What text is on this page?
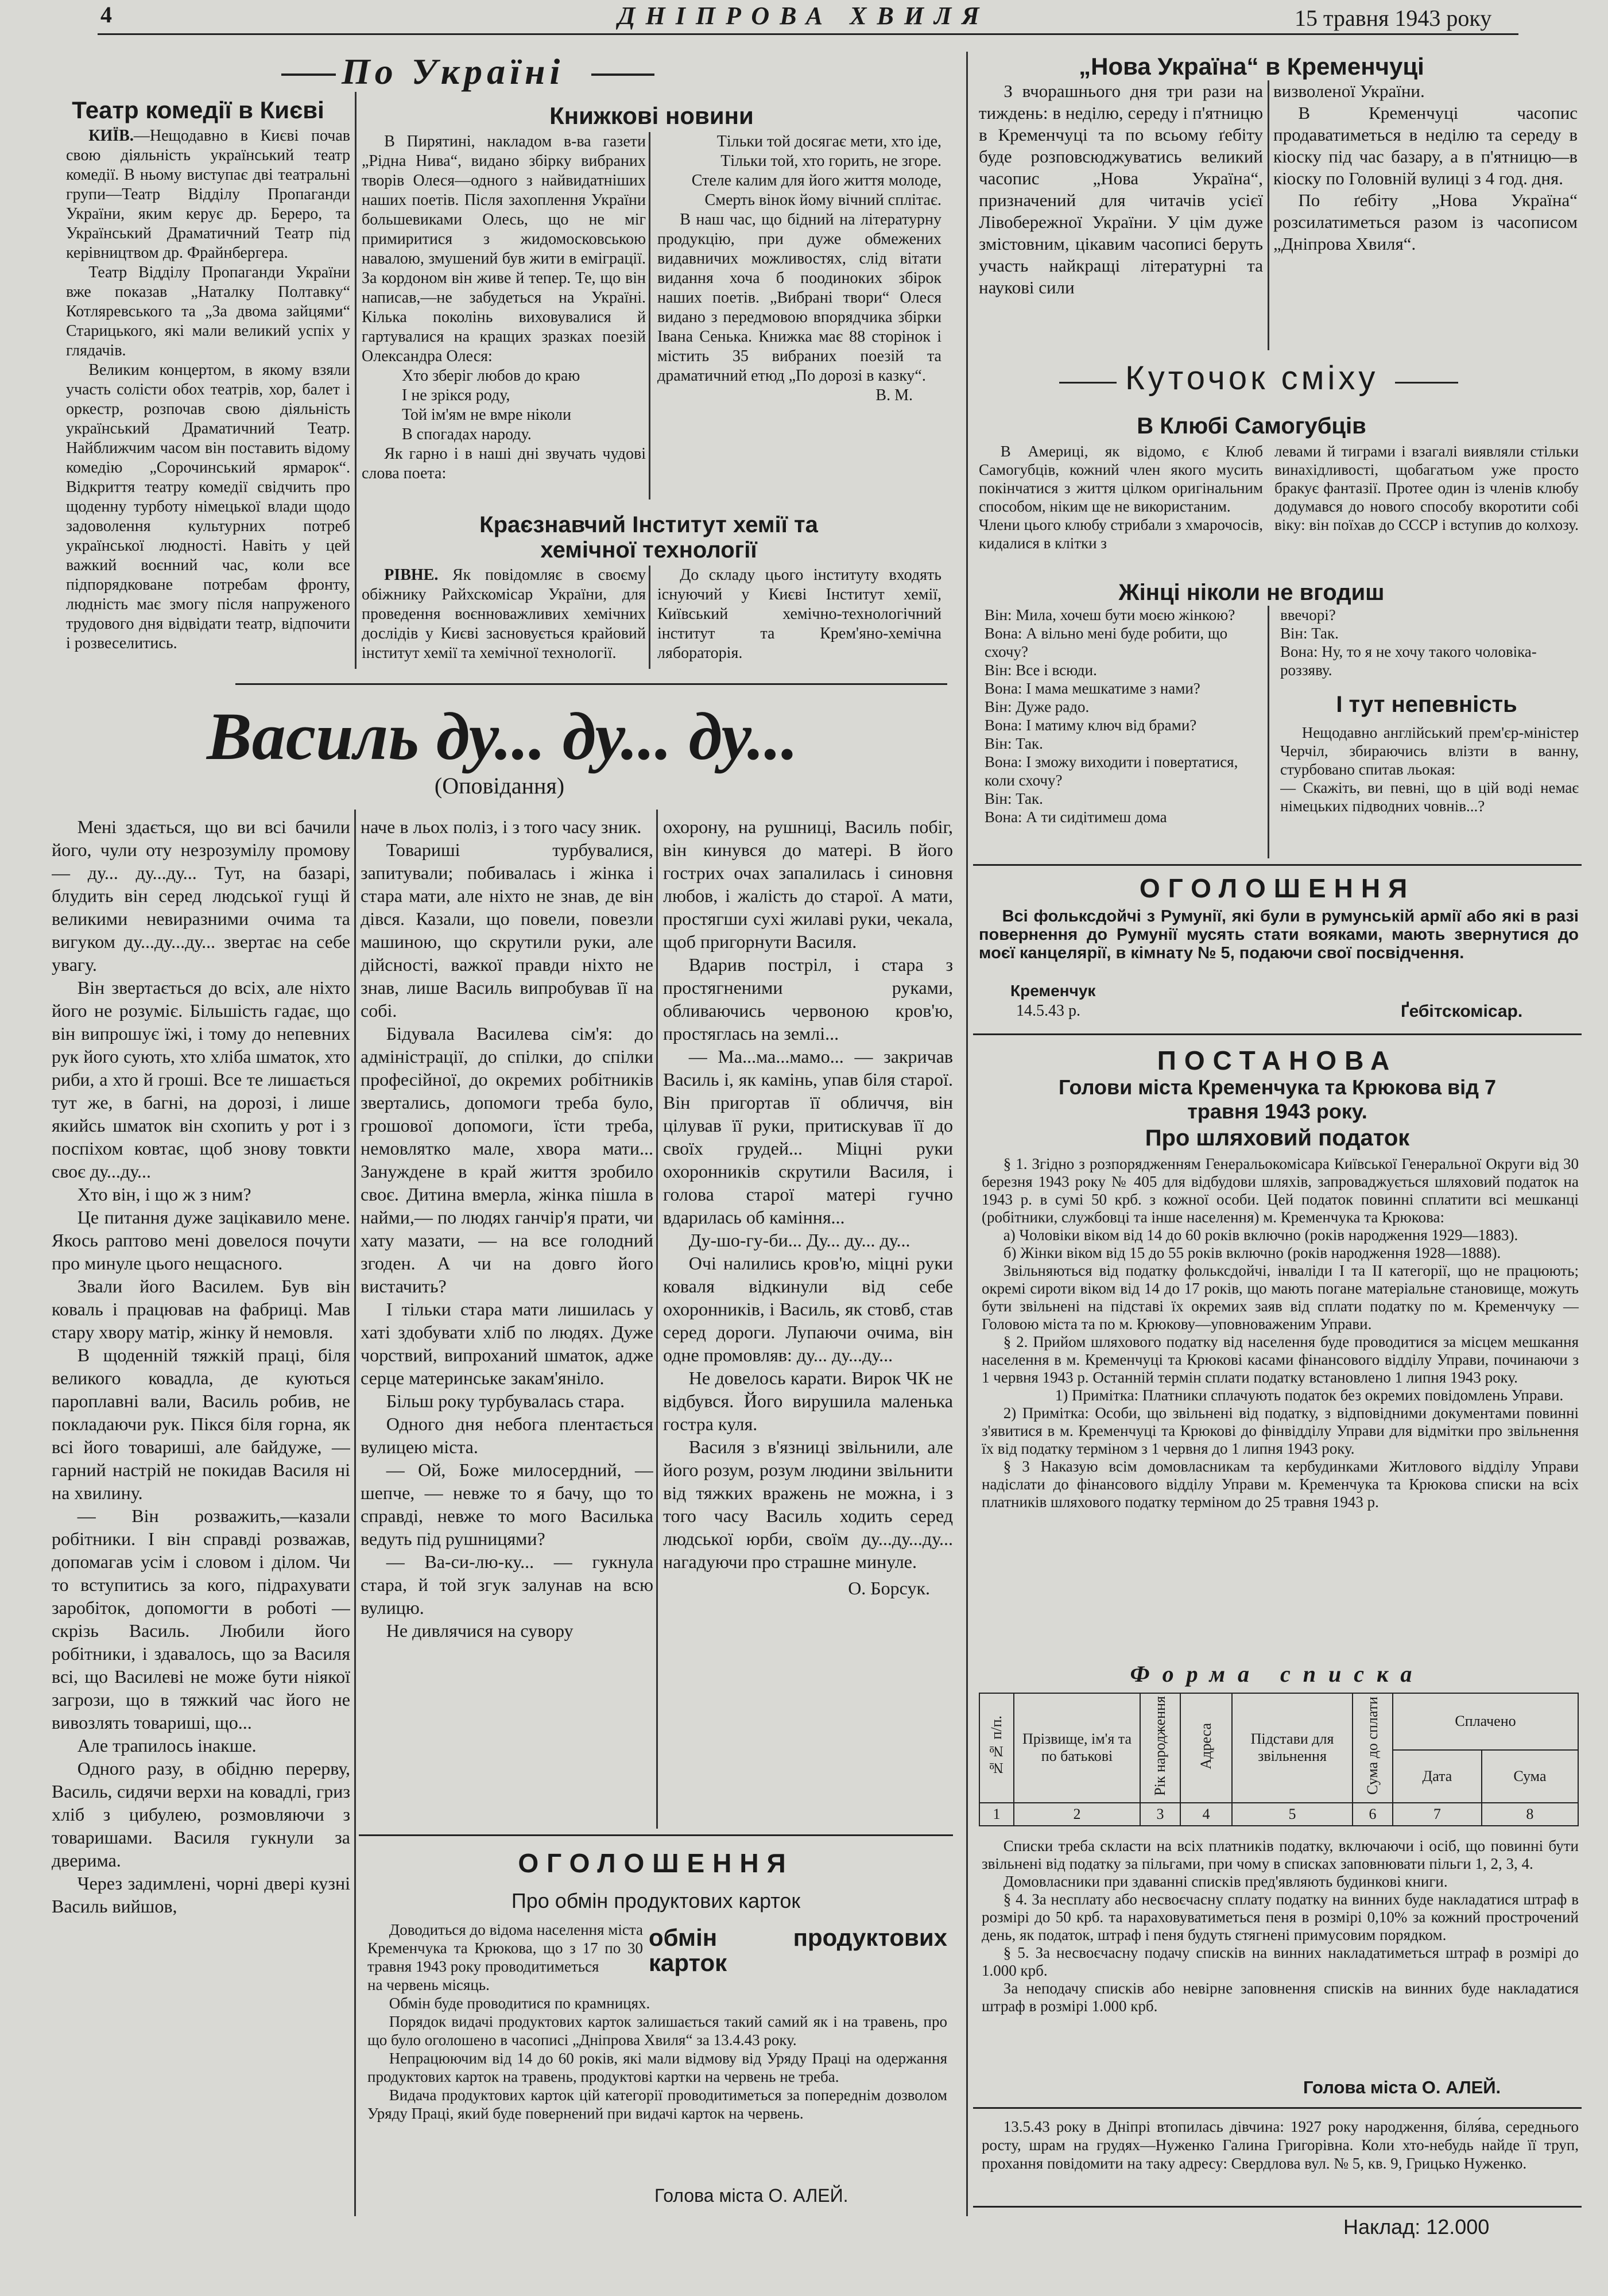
4	ДНІПРОВА ХВИЛЯ	15 травня 1943 року
По Україні
Театр комедії в Києві

КИЇВ.—Нещодавно в Києві почав свою діяльність український театр комедії. В ньому виступає дві театральні групи—Театр Відділу Пропаганди України, яким керує др. Береро, та Український Драматичний Театр під керівництвом др. Фрайнбергера.

Театр Відділу Пропаганди України вже показав „Наталку Полтавку“ Котляревського та „За двома зайцями“ Старицького, які мали великий успіх у глядачів.

Великим концертом, в якому взяли участь солісти обох театрів, хор, балет і оркестр, розпочав свою діяльність український Драматичний Театр. Найближчим часом він поставить відому комедію „Сорочинський ярмарок“. Відкриття театру комедії свідчить про щоденну турботу німецької влади щодо задоволення культурних потреб української людності. Навіть у цей важкий воєнний час, коли все підпорядковане потребам фронту, людність має змогу після напруженого трудового дня відвідати театр, відпочити і розвеселитись.

Книжкові новини

В Пирятині, накладом в-ва газети „Рідна Нива“, видано збірку вибраних творів Олеся—одного з найвидатніших наших поетів. Після захоплення України большевиками Олесь, що не міг примиритися з жидомосковською навалою, змушений був жити в еміграції. За кордоном він живе й тепер. Те, що він написав,—не забудеться на Україні. Кілька поколінь виховувалися й гартувалися на кращих зразках поезій Олександра Олеся:

Хто зберіг любов до краю
І не зрікся роду,
Той ім'ям не вмре ніколи
В спогадах народу.

Як гарно і в наші дні звучать чудові слова поета:

Тільки той досягає мети, хто іде,
Тільки той, хто горить, не згоре.
Стеле калим для його життя молоде,
Смерть вінок йому вічний сплітає.

В наш час, що бідний на літературну продукцію, при дуже обмежених видавничих можливостях, слід вітати видання хоча б поодиноких збірок наших поетів. „Вибрані твори“ Олеся видано з передмовою впорядчика збірки Івана Сенька. Книжка має 88 сторінок і містить 35 вибраних поезій та драматичний етюд „По дорозі в казку“.

В. М.
Краєзнавчий Інститут хемії та хемічної технології

РІВНЕ. Як повідомляє в своєму обіжнику Райхскомісар України, для проведення воєнноважливих хемічних дослідів у Києві засновується крайовий інститут хемії та хемічної технології.

До складу цього інституту входять існуючий у Києві Інститут хемії, Київський хемічно-технологічний інститут та Крем'яно-хемічна лябораторія.

Василь ду... ду... ду...
(Оповідання)

Мені здається, що ви всі бачили його, чули оту незрозумілу промову — ду... ду...ду... Тут, на базарі, блудить він серед людської гущі й великими невиразними очима та вигуком ду...ду...ду... звертає на себе увагу.

Він звертається до всіх, але ніхто його не розуміє. Більшість гадає, що він випрошує їжі, і тому до непевних рук його сують, хто хліба шматок, хто риби, а хто й гроші. Все те лишається тут же, в багні, на дорозі, і лише якийсь шматок він схопить у рот і з поспіхом ковтає, щоб знову товкти своє ду...ду...

Хто він, і що ж з ним?

Це питання дуже зацікавило мене. Якось раптово мені довелося почути про минуле цього нещасного.

Звали його Василем. Був він коваль і працював на фабриці. Мав стару хвору матір, жінку й немовля.

В щоденній тяжкій праці, біля великого ковадла, де куються пароплавні вали, Василь робив, не покладаючи рук. Пікся біля горна, як всі його товариші, але байдуже, — гарний настрій не покидав Василя ні на хвилину.

— Він розважить,—казали робітники. І він справді розважав, допомагав усім і словом і ділом. Чи то вступитись за кого, підрахувати заробіток, допомогти в роботі — скрізь Василь. Любили його робітники, і здавалось, що за Василя всі, що Василеві не може бути ніякої загрози, що в тяжкий час його не вивозлять товариші, що...

Але трапилось інакше.

Одного разу, в обідню перерву, Василь, сидячи верхи на ковадлі, гриз хліб з цибулею, розмовляючи з товаришами. Василя гукнули за дверима.

Через задимлені, чорні двері кузні Василь вийшов,

наче в льох поліз, і з того часу зник.

Товариші турбувалися, запитували; побивалась і жінка і стара мати, але ніхто не знав, де він дівся. Казали, що повели, повезли машиною, що скрутили руки, але дійсності, важкої правди ніхто не знав, лише Василь випробував її на собі.

Бідувала Василева сім'я: до адміністрації, до спілки, до спілки професійної, до окремих робітників звертались, допомоги треба було, грошової допомоги, їсти треба, немовлятко мале, хвора мати... Занужденe в край життя зробило своє. Дитина вмерла, жінка пішла в найми,— по людях ганчір'я прати, чи хату мазати, — на все голодний згоден. А чи на довго його вистачить?

І тільки стара мати лишилась у хаті здобувати хліб по людях. Дуже чорствий, випрохaний шматок, адже серце материнське закам'яніло.

Більш року турбувалась стара.

Одного дня небога плентається вулицею міста.

— Ой, Боже милосердний, — шепче, — невже то я бачу, що то справді, невже то мого Василька ведуть під рушницями?

— Ва-си-лю-ку... — гукнула стара, й той згук залунав на всю вулицю.

Не дивлячися на сувору

охорону, на рушниці, Василь побіг, він кинувся до матері. В його гострих очах запалилась і синовня любов, і жалість до старої. А мати, простягши сухі жилаві руки, чекала, щоб пригорнути Василя.

Вдарив постріл, і стара з простягненими руками, обливаючись червоною кров'ю, простяглась на землі...

— Ма...ма...мамо... — закричав Василь і, як камінь, упав біля старої. Він пригортав її обличчя, він цілував її руки, притискував її до своїх грудей... Міцні руки охоронників скрутили Василя, і голова старої матері гучно вдарилась об каміння...

Ду-шо-гу-би... Ду... ду... ду...

Очі налились кров'ю, міцні руки коваля відкинули від себе охоронників, і Василь, як стовб, став серед дороги. Лупаючи очима, він одне промовляв: ду... ду...ду...

Не довелось карати. Вирок ЧК не відбувся. Його вирушила маленька гостра куля.

Василя з в'язниці звільнили, але його розум, розум людини звільнити від тяжких вражень не можна, і з того часу Василь ходить серед людської юрби, своїм ду...ду...ду... нагадуючи про страшне минуле.

О. Борсук.
ОГОЛОШЕННЯ
Про обмін продуктових карток
Доводиться до відома населення міста Кременчука та Крюкова, що з 17 по 30 травня 1943 року проводитиметься
обмін продуктових карток

на червень місяць.

Обмін буде проводитися по крамницях.

Порядок видачі продуктових карток залишається такий самий як і на травень, про що було оголошено в часописі „Дніпрова Хвиля“ за 13.4.43 року.

Непрацюючим від 14 до 60 років, які мали відмову від Уряду Праці на одержання продуктових карток на травень, продуктові картки на червень не треба.

Видача продуктових карток цій категорії проводитиметься за попереднім дозволом Уряду Праці, який буде повернений при видачі карток на червень.

Голова міста О. АЛЕЙ.
„Нова Україна“ в Кременчуці

З вчорашнього дня три рази на тиждень: в неділю, середу і п'ятницю в Кременчуці та по всьому ґебіту буде розповсюджуватись великий часопис „Нова Україна“, призначений для читачів усієї Лівобережної України. У цім дуже змістовним, цікавим часописі беруть участь найкращі літературні та наукові сили

визволеної України.

В Кременчуці часопис продаватиметься в неділю та середу в кіоску під час базару, а в п'ятницю—в кіоску по Головній вулиці з 4 год. дня.

По ґебіту „Нова Україна“ розсилатиметься разом із часописом „Дніпрова Хвиля“.

Куточок сміху
В Клюбі Самогубців

В Америці, як відомо, є Клюб Самогубців, кожний член якого мусить покінчатися з життя цілком оригінальним способом, ніким ще не використаним.
Члени цього клюбу стрибали з хмарочосів, кидалися в клітки з

левами й тиграми і взагалі виявляли стільки винахідливості, щобагатьом уже просто бракує фантазії. Протее один із членів клюбу додумався до нового способу вкоротити собі віку: він поїхав до СССР і вступив до колхозу.

Жінці ніколи не вгодиш

Він: Мила, хочеш бути моєю жінкою?
Вона: А вільно мені буде робити, що схочу?
Він: Все і всюди.
Вона: І мама мешкатиме з нами?
Він: Дуже радо.
Вона: І матиму ключ від брами?
Він: Так.
Вона: І зможу виходити і повертатися, коли схочу?
Він: Так.
Вона: А ти сидітимеш дома

ввечорі?
Він: Так.
Вона: Ну, то я не хочу такого чоловіка-роззяву.

І тут непевність

Нещодавно англійський прем'єр-міністер Черчіл, збираючись влізти в ванну, стурбовано спитав льокая:
— Скажіть, ви певні, що в цій воді немає німецьких підводних човнів...?

ОГОЛОШЕННЯ

Всі фольксдойчі з Румунії, які були в румунській армії або які в разі повернення до Румунії мусять стати вояками, мають звернутися до моєї канцелярії, в кімнату № 5, подаючи свої посвідчення.

Кременчук
14.5.43 р.	Ґебітскомісар.
ПОСТАНОВА
Голови міста Кременчука та Крюкова від 7 травня 1943 року.
Про шляховий податок

§ 1. Згідно з розпорядженням Генеральокомісара Київської Генеральної Округи від 30 березня 1943 року № 405 для відбудови шляхів, запроваджується шляховий податок на 1943 р. в сумі 50 крб. з кожної особи. Цей податок повинні сплатити всі мешканці (робітники, службовці та інше населення) м. Кременчука та Крюкова:

а) Чоловіки віком від 14 до 60 років включно (років народження 1929—1883).

б) Жінки віком від 15 до 55 років включно (років народження 1928—1888).

Звільняються від податку фольксдойчі, інваліди I та II категорії, що не працюють; окремі сироти віком від 14 до 17 років, що мають погане матеріальне становище, можуть бути звільнені на підставі їх окремих заяв від сплати податку по м. Кременчуку — Головою міста та по м. Крюкову—уповноваженим Управи.

§ 2. Прийом шляхового податку від населення буде проводитися за місцем мешкання населення в м. Кременчуці та Крюкові касами фінансового відділу Управи, починаючи з 1 червня 1943 р. Останній термін сплати податку встановлено 1 липня 1943 року.

1) Примітка: Платники сплачують податок без окремих повідомлень Управи.

2) Примітка: Особи, що звільнені від податку, з відповідними документами повинні з'явитися в м. Кременчуці та Крюкові до фінвідділу Управи для відмітки про звільнення їх від податку терміном з 1 червня до 1 липня 1943 року.

§ 3 Наказую всім домовласникам та кербудинками Житлового відділу Управи надіслати до фінансового відділу Управи м. Кременчука та Крюкова списки на всіх платників шляхового податку терміном до 25 травня 1943 р.

Форма списка
№№ п/п.	Прізвище, ім'я та по батькові	Рік народження	Адреса	Підстави для звільнення	Сума до сплати	Сплачено	
						Дата	Сума
1	2	3	4	5	6	7	8

Списки треба скласти на всіх платників податку, включаючи і осіб, що повинні бути звільнені від податку за пільгами, при чому в списках заповнювати пільги 1, 2, 3, 4.

Домовласники при здаванні списків пред'являють будинкові книги.

§ 4. За несплату або несвоєчасну сплату податку на винних буде накладатися штраф в розмірі до 50 крб. та нараховуватиметься пеня в розмірі 0,10% за кожний прострочений день, як податок, штраф і пеня будуть стягнені примусовим порядком.

§ 5. За несвоєчасну подачу списків на винних накладатиметься штраф в розмірі до 1.000 крб.

За неподачу списків або невірне заповнення списків на винних буде накладатися штраф в розмірі 1.000 крб.

Голова міста О. АЛЕЙ.

13.5.43 року в Дніпрі втопилась дівчина: 1927 року народження, біля́ва, середнього росту, шрам на грудях—Нуженко Галина Григорівна. Коли хто-небудь найде її труп, прохання повідомити на таку адресу: Свердлова вул. № 5, кв. 9, Грицько Нуженко.

Наклад: 12.000
